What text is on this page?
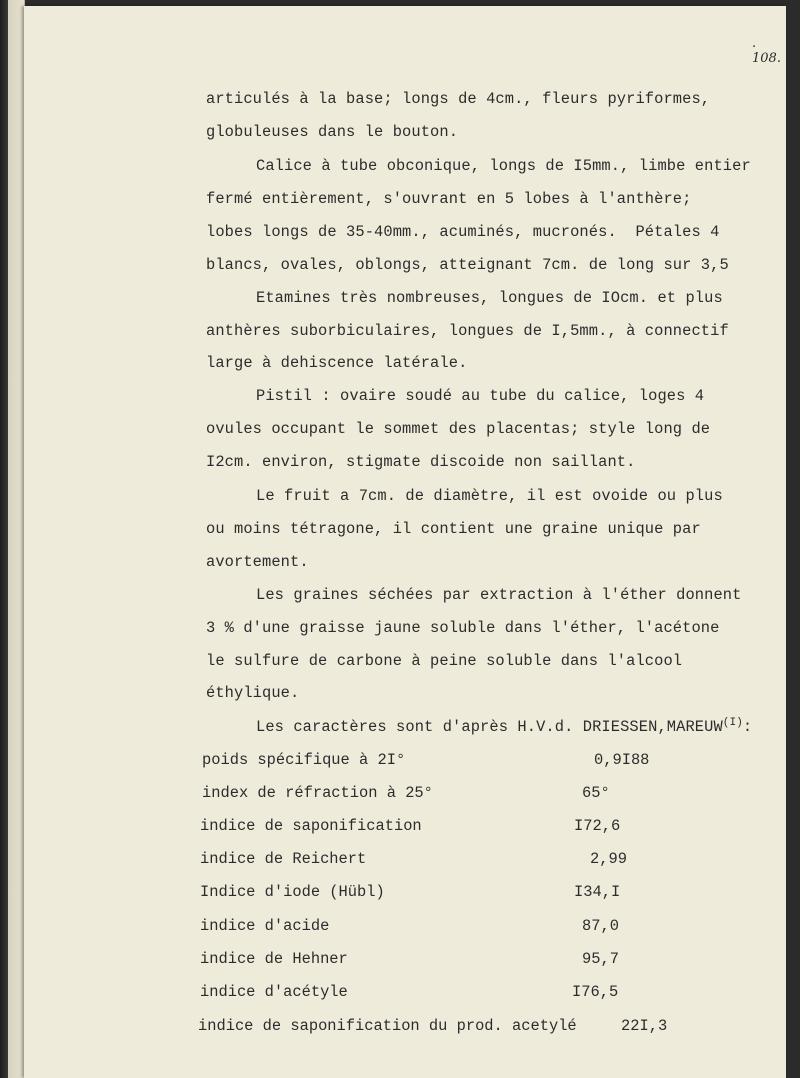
. 108.
articulés à la base; longs de 4cm., fleurs pyriformes,
globuleuses dans le bouton.
Calice à tube obconique, longs de I5mm., limbe entier
fermé entièrement, s'ouvrant en 5 lobes à l'anthère;
lobes longs de 35-40mm., acuminés, mucronés.  Pétales 4
blancs, ovales, oblongs, atteignant 7cm. de long sur 3,5
Etamines très nombreuses, longues de IOcm. et plus
anthères suborbiculaires, longues de I,5mm., à connectif
large à dehiscence latérale.
Pistil : ovaire soudé au tube du calice, loges 4
ovules occupant le sommet des placentas; style long de
I2cm. environ, stigmate discoide non saillant.
Le fruit a 7cm. de diamètre, il est ovoide ou plus
ou moins tétragone, il contient une graine unique par
avortement.
Les graines séchées par extraction à l'éther donnent
3 % d'une graisse jaune soluble dans l'éther, l'acétone
le sulfure de carbone à peine soluble dans l'alcool
éthylique.
Les caractères sont d'après H.V.d. $DRIESSEN,MAREUW^{(I)}$:
poids spécifique à 2I°	0,9I88
index de réfraction à 25°	65°
indice de saponification	I72,6
indice de Reichert	2,99
Indice d'iode (Hübl)	I34,I
indice d'acide	87,0
indice de Hehner	95,7
indice d'acétyle	I76,5
indice de saponification du prod. acetylé	22I,3
